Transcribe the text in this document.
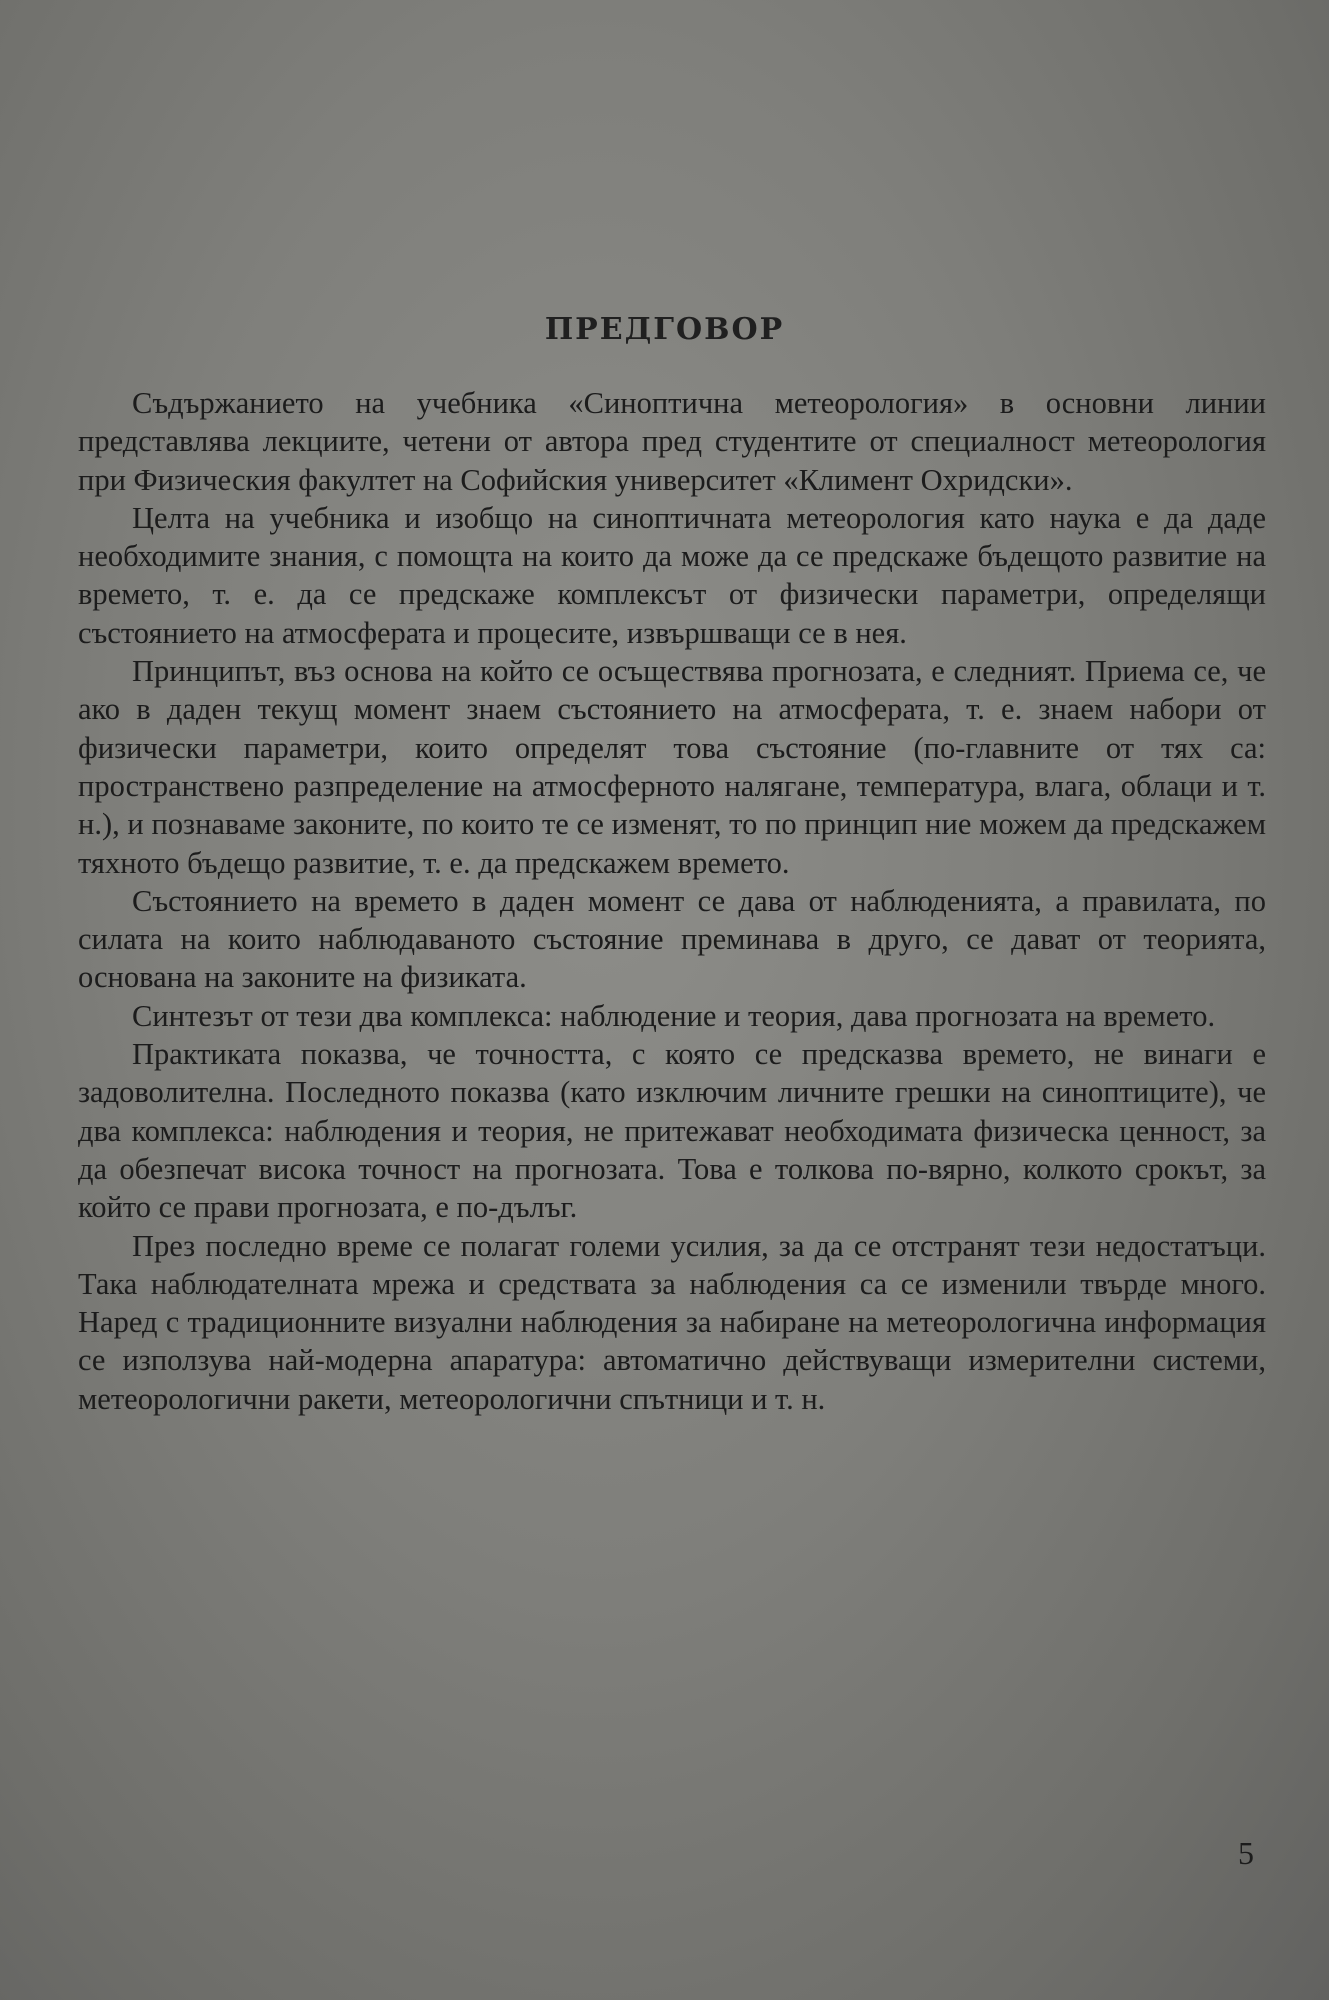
ПРЕДГОВОР

Съдържанието на учебника «Синоптична метеорология» в основни линии представлява лекциите, четени от автора пред студентите от специалност метеорология при Физическия факултет на Софийския университет «Климент Охридски».

Целта на учебника и изобщо на синоптичната метеорология като наука е да даде необходимите знания, с помощта на които да може да се предскаже бъдещото развитие на времето, т. е. да се предскаже комплексът от физически параметри, определящи състоянието на атмосферата и процесите, извършващи се в нея.

Принципът, въз основа на който се осъществява прогнозата, е следният. Приема се, че ако в даден текущ момент знаем състоянието на атмосферата, т. е. знаем набори от физически параметри, които определят това състояние (по-главните от тях са: пространствено разпределение на атмосферното налягане, температура, влага, облаци и т. н.), и познаваме законите, по които те се изменят, то по принцип ние можем да предскажем тяхното бъдещо развитие, т. е. да предскажем времето.

Състоянието на времето в даден момент се дава от наблюденията, а правилата, по силата на които наблюдаваното състояние преминава в друго, се дават от теорията, основана на законите на физиката.

Синтезът от тези два комплекса: наблюдение и теория, дава прогнозата на времето.

Практиката показва, че точността, с която се предсказва времето, не винаги е задоволителна. Последното показва (като изключим личните грешки на синоптиците), че два комплекса: наблюдения и теория, не притежават необходимата физическа ценност, за да обезпечат висока точност на прогнозата. Това е толкова по-вярно, колкото срокът, за който се прави прогнозата, е по-дълъг.

През последно време се полагат големи усилия, за да се отстранят тези недостатъци. Така наблюдателната мрежа и средствата за наблюдения са се изменили твърде много. Наред с традиционните визуални наблюдения за набиране на метеорологична информация се използува най-модерна апаратура: автоматично действуващи измерителни системи, метеорологични ракети, метеорологични спътници и т. н.

5
